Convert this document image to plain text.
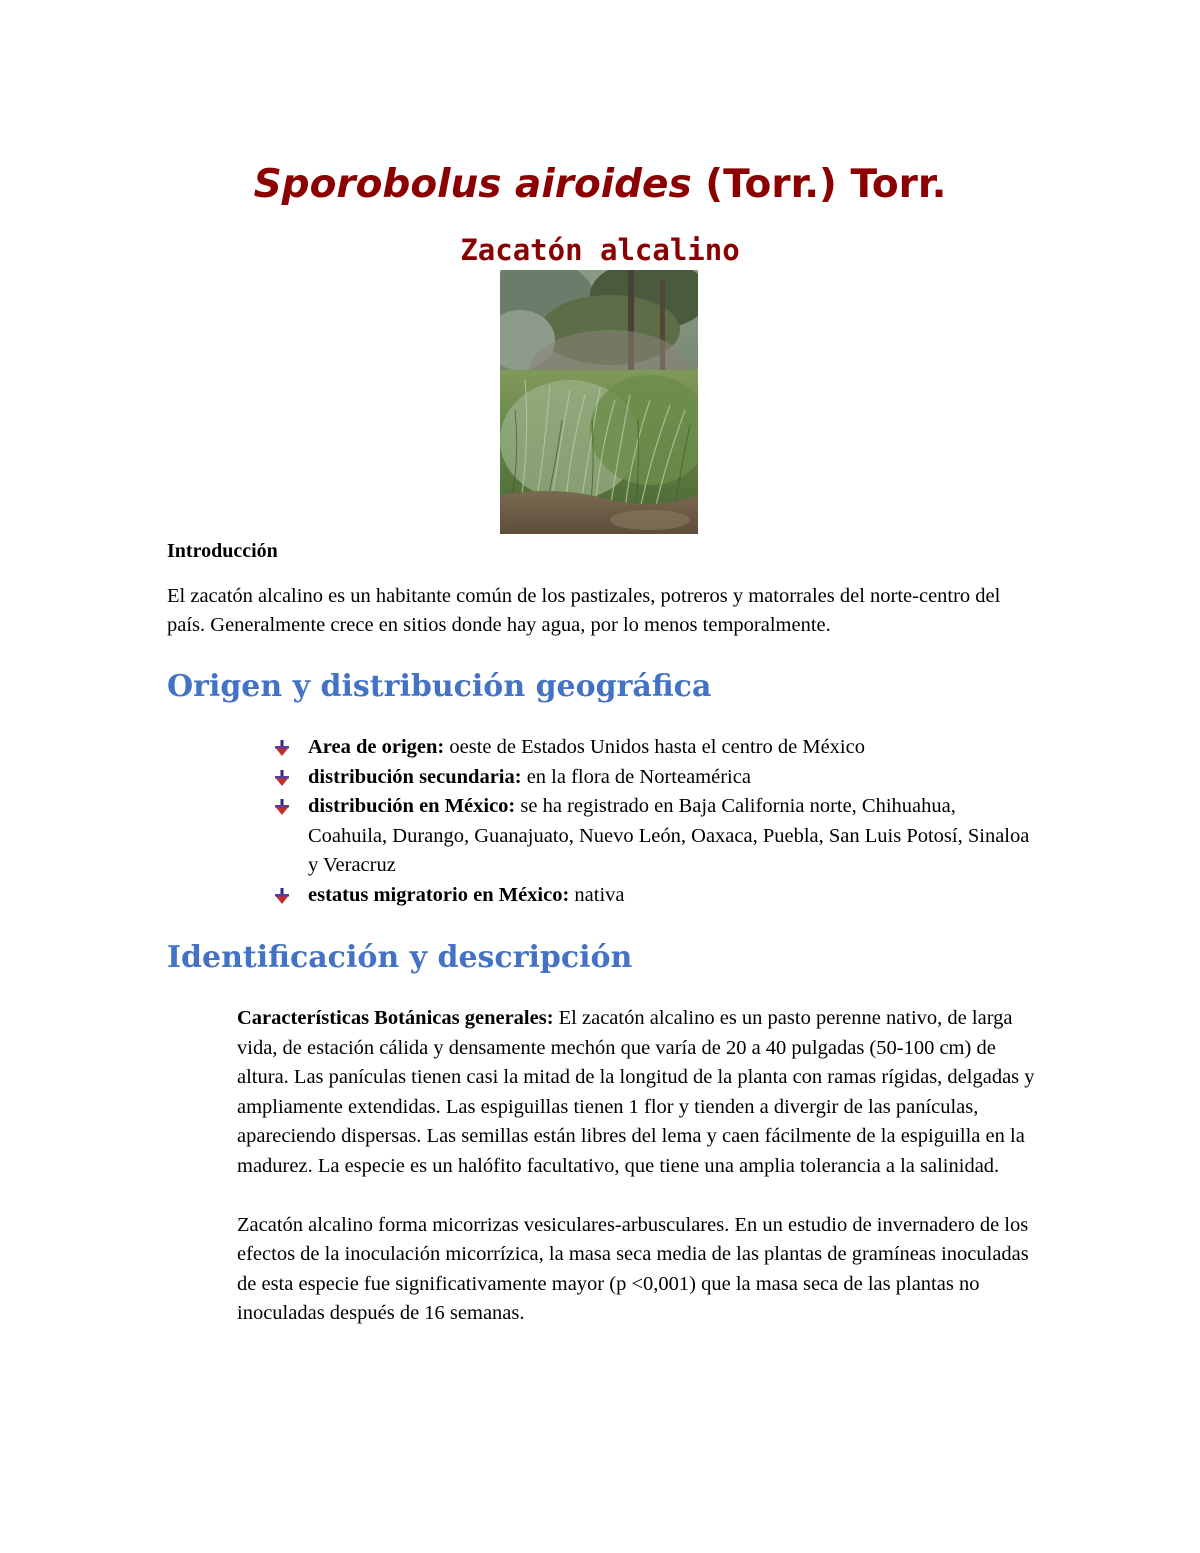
Sporobolus airoides (Torr.) Torr.
Zacatón alcalino
Introducción
El zacatón alcalino es un habitante común de los pastizales, potreros y matorrales del norte-centro del país. Generalmente crece en sitios donde hay agua, por lo menos temporalmente.
Origen y distribución geográfica
Area de origen: oeste de Estados Unidos hasta el centro de México
distribución secundaria: en la flora de Norteamérica
distribución en México: se ha registrado en Baja California norte, Chihuahua, Coahuila, Durango, Guanajuato, Nuevo León, Oaxaca, Puebla, San Luis Potosí, Sinaloa y Veracruz
estatus migratorio en México: nativa
Identificación y descripción

Características Botánicas generales: El zacatón alcalino es un pasto perenne nativo, de larga vida, de estación cálida y densamente mechón que varía de 20 a 40 pulgadas (50-100 cm) de altura. Las panículas tienen casi la mitad de la longitud de la planta con ramas rígidas, delgadas y ampliamente extendidas. Las espiguillas tienen 1 flor y tienden a divergir de las panículas, apareciendo dispersas. Las semillas están libres del lema y caen fácilmente de la espiguilla en la madurez. La especie es un halófito facultativo, que tiene una amplia tolerancia a la salinidad.

Zacatón alcalino forma micorrizas vesiculares-arbusculares. En un estudio de invernadero de los efectos de la inoculación micorrízica, la masa seca media de las plantas de gramíneas inoculadas de esta especie fue significativamente mayor (p <0,001) que la masa seca de las plantas no inoculadas después de 16 semanas.
